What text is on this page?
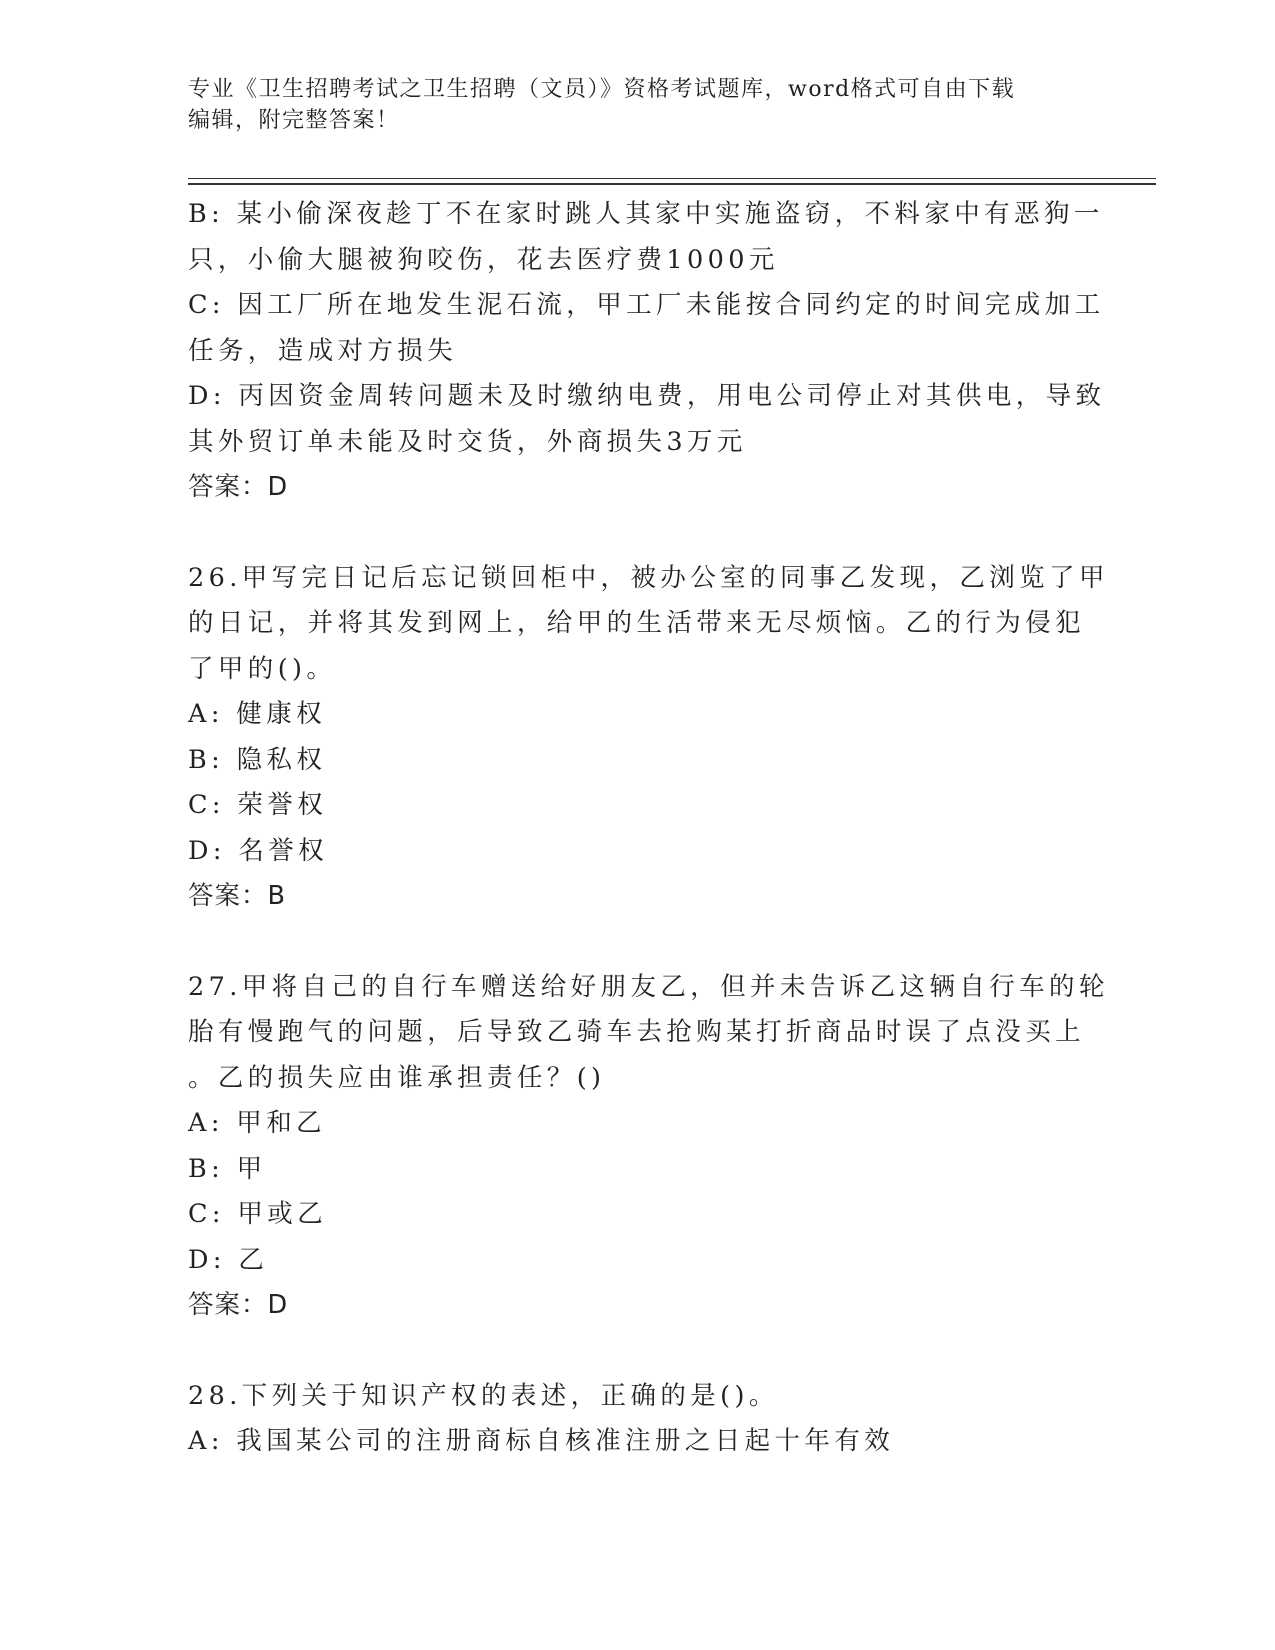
专业《卫生招聘考试之卫生招聘（文员）》资格考试题库，word格式可自由下载
编辑，附完整答案！
B: 某小偷深夜趁丁不在家时跳人其家中实施盗窃，不料家中有恶狗一
只，小偷大腿被狗咬伤，花去医疗费1000元
C: 因工厂所在地发生泥石流，甲工厂未能按合同约定的时间完成加工
任务，造成对方损失
D: 丙因资金周转问题未及时缴纳电费，用电公司停止对其供电，导致
其外贸订单未能及时交货，外商损失3万元
答案：D
26.甲写完日记后忘记锁回柜中，被办公室的同事乙发现，乙浏览了甲
的日记，并将其发到网上，给甲的生活带来无尽烦恼。乙的行为侵犯
了甲的()。
A: 健康权
B: 隐私权
C: 荣誉权
D: 名誉权
答案：B
27.甲将自己的自行车赠送给好朋友乙，但并未告诉乙这辆自行车的轮
胎有慢跑气的问题，后导致乙骑车去抢购某打折商品时误了点没买上
。乙的损失应由谁承担责任？()
A: 甲和乙
B: 甲
C: 甲或乙
D: 乙
答案：D
28.下列关于知识产权的表述，正确的是()。
A: 我国某公司的注册商标自核准注册之日起十年有效
